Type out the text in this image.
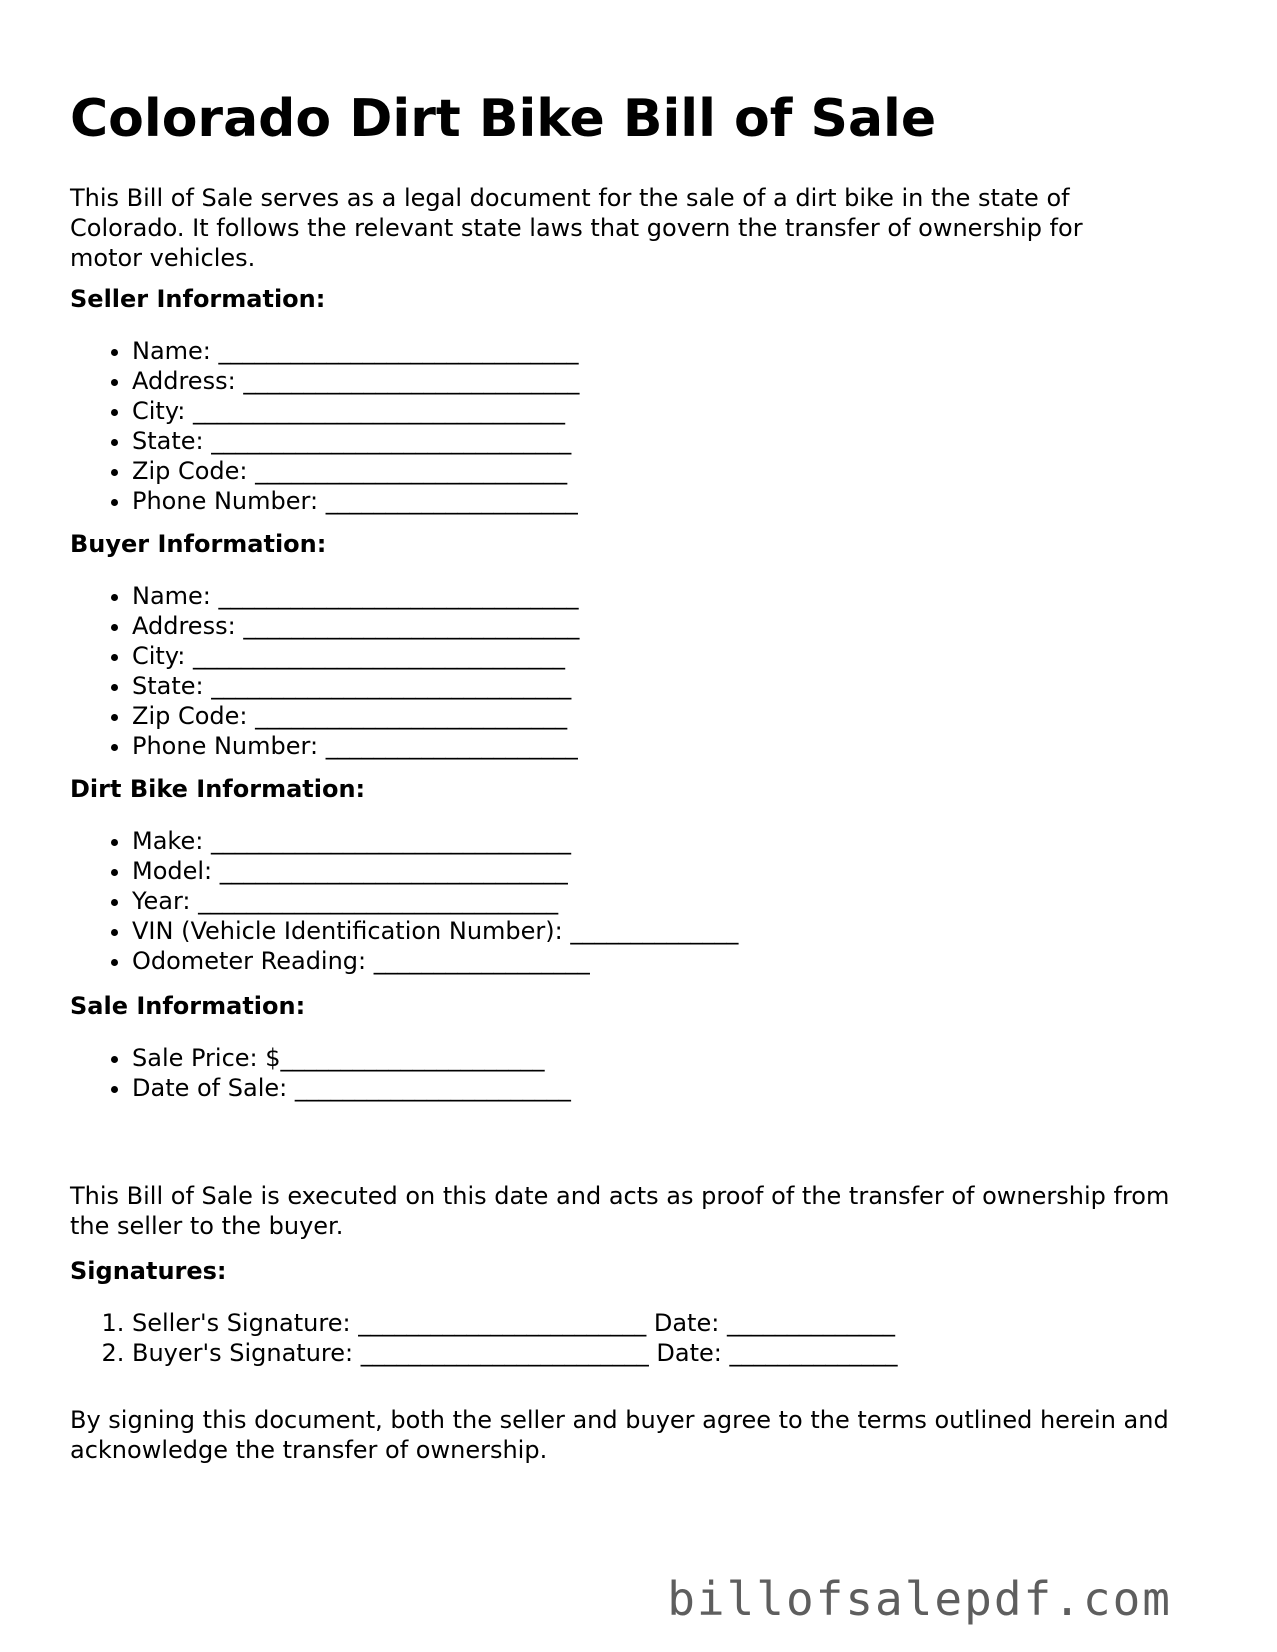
Colorado Dirt Bike Bill of Sale

This Bill of Sale serves as a legal document for the sale of a dirt bike in the state of Colorado. It follows the relevant state laws that govern the transfer of ownership for motor vehicles.

Seller Information:

• Name: ______________________________
• Address: ____________________________
• City: _______________________________
• State: ______________________________
• Zip Code: __________________________
• Phone Number: _____________________

Buyer Information:

• Name: ______________________________
• Address: ____________________________
• City: _______________________________
• State: ______________________________
• Zip Code: __________________________
• Phone Number: _____________________

Dirt Bike Information:

• Make: ______________________________
• Model: _____________________________
• Year: ______________________________
• VIN (Vehicle Identification Number): ______________
• Odometer Reading: __________________

Sale Information:

• Sale Price: $______________________
• Date of Sale: _______________________

This Bill of Sale is executed on this date and acts as proof of the transfer of ownership from the seller to the buyer.

Signatures:

1. Seller's Signature: ________________________ Date: ______________
2. Buyer's Signature: ________________________ Date: ______________

By signing this document, both the seller and buyer agree to the terms outlined herein and acknowledge the transfer of ownership.

billofsalepdf.com
